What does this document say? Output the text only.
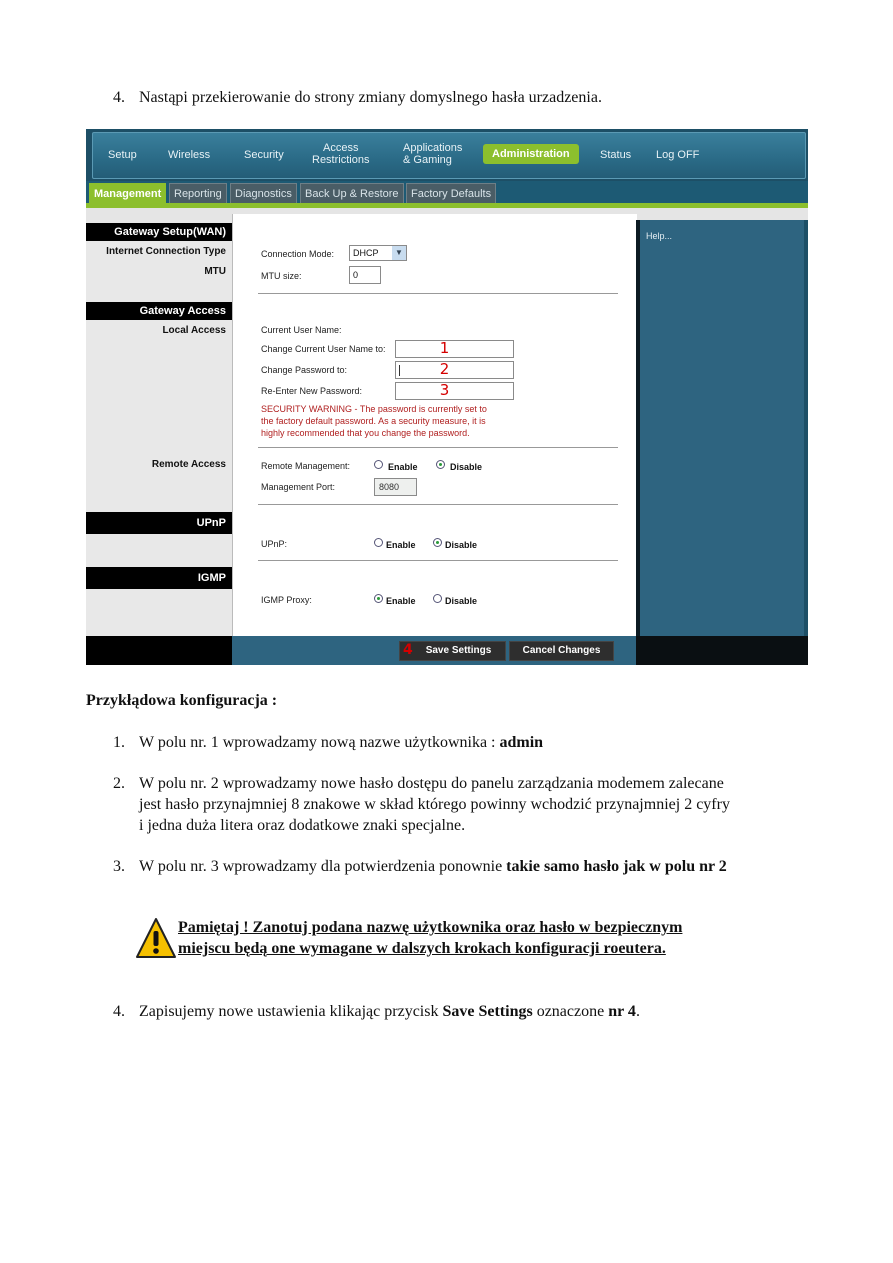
4. Nastąpi przekierowanie do strony zmiany domyslnego hasła urzadzenia.
Setup	Wireless	Security
Access
Restrictions
Applications
& Gaming	Administration	Status Log OFF
Management	Reporting	Diagnostics	Back Up & Restore	Factory Defaults
Gateway Setup(WAN)
Internet Connection Type
MTU
Gateway Access
Local Access
Remote Access
UPnP
IGMP
Connection Mode: DHCP	▼
MTU size:	0
Current User Name:
Change Current User Name to:	1
Change Password to:	2
Re-Enter New Password:	3
SECURITY WARNING - The password is currently set to
the factory default password. As a security measure, it is
highly recommended that you change the password.
Remote Management:	Enable	Disable
Management Port:	8080
UPnP:	Enable	Disable
IGMP Proxy:	Enable	Disable
Help...
4 Save Settings	Cancel Changes
Przykłądowa konfiguracja :
1. W polu nr. 1 wprowadzamy nową nazwe użytkownika : admin
2. W polu nr. 2 wprowadzamy nowe hasło dostępu do panelu zarządzania modemem zalecane
jest hasło przynajmniej 8 znakowe w skład którego powinny wchodzić przynajmniej 2 cyfry
i jedna duża litera oraz dodatkowe znaki specjalne.
3. W polu nr. 3 wprowadzamy dla potwierdzenia ponownie takie samo hasło jak w polu nr 2
Pamiętaj ! Zanotuj podana nazwę użytkownika oraz hasło w bezpiecznym
miejscu będą one wymagane w dalszych krokach konfiguracji roeutera.
4. Zapisujemy nowe ustawienia klikając przycisk Save Settings oznaczone nr 4.
